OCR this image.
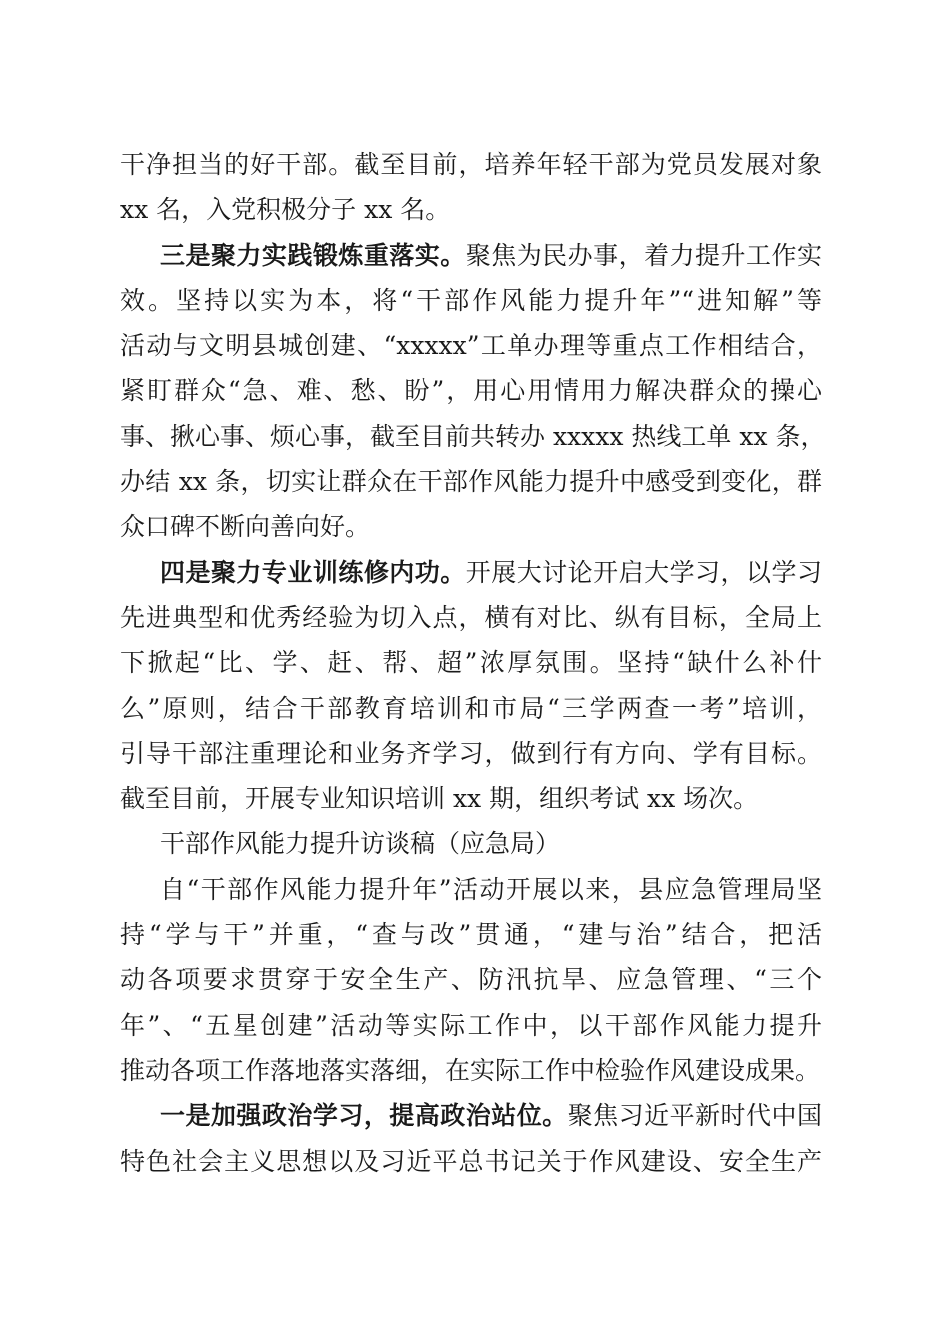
干净担当的好干部。截至目前，培养年轻干部为党员发展对象
xx 名，入党积极分子 xx 名。
三是聚力实践锻炼重落实。聚焦为民办事，着力提升工作实
效。坚持以实为本，将“干部作风能力提升年”“进知解”等
活动与文明县城创建、“xxxxx”工单办理等重点工作相结合，
紧盯群众“急、难、愁、盼”，用心用情用力解决群众的操心
事、揪心事、烦心事，截至目前共转办 xxxxx 热线工单 xx 条，
办结 xx 条，切实让群众在干部作风能力提升中感受到变化，群
众口碑不断向善向好。
四是聚力专业训练修内功。开展大讨论开启大学习，以学习
先进典型和优秀经验为切入点，横有对比、纵有目标，全局上
下掀起“比、学、赶、帮、超”浓厚氛围。坚持“缺什么补什
么”原则，结合干部教育培训和市局“三学两查一考”培训，
引导干部注重理论和业务齐学习，做到行有方向、学有目标。
截至目前，开展专业知识培训 xx 期，组织考试 xx 场次。
干部作风能力提升访谈稿（应急局）
自“干部作风能力提升年”活动开展以来，县应急管理局坚
持“学与干”并重，“查与改”贯通，“建与治”结合，把活
动各项要求贯穿于安全生产、防汛抗旱、应急管理、“三个
年”、“五星创建”活动等实际工作中，以干部作风能力提升
推动各项工作落地落实落细，在实际工作中检验作风建设成果。
一是加强政治学习，提高政治站位。聚焦习近平新时代中国
特色社会主义思想以及习近平总书记关于作风建设、安全生产
